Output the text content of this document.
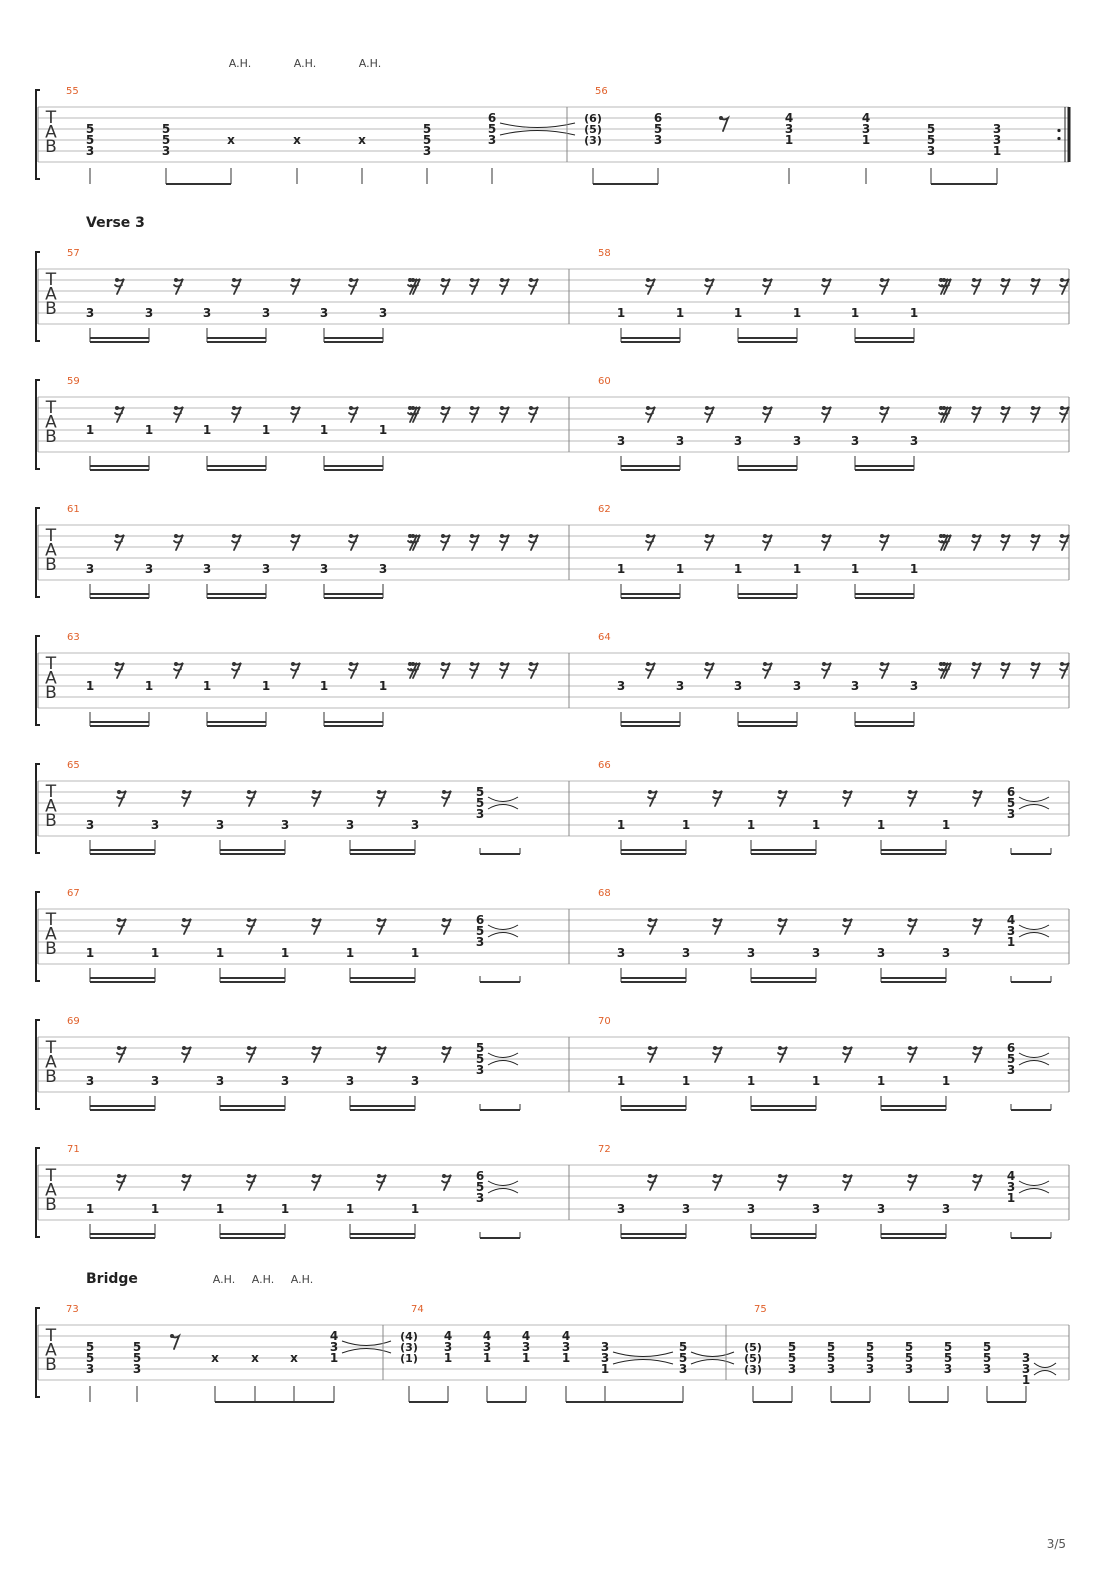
T
A
B
55
A.H.	A.H.	A.H.
5
5
3
5
5
3
x	x	x
5
5
3
6
5
3
56
(6)
(5)
(3)
6
5
3
4
3
1
4
3
1
5
5
3
3
3
1
T
A
B
57
3	3	3	3	3	3
58
1	1	1	1	1	1
T
A
B
59
1	1	1	1	1	1
60
3	3	3	3	3	3
T
A
B
61
3	3	3	3	3	3
62
1	1	1	1	1	1
T
A
B
63
1	1	1	1	1	1
64
3	3	3	3	3	3
T
A
B
65
3	3	3	3	3	3
5
5
3
66
1	1	1	1	1	1
6
5
3
T
A
B
67
1	1	1	1	1	1
6
5
3
68
3	3	3	3	3	3
4
3
1
T
A
B
69
3	3	3	3	3	3
5
5
3
70
1	1	1	1	1	1
6
5
3
T
A
B
71
1	1	1	1	1	1
6
5
3
72
3	3	3	3	3	3
4
3
1
T
A
B
73
A.H. A.H. A.H.
5
5
3
5
5
3
x	x	x
4
3
1
74
(4)
(3)
(1)
4
3
1
4
3
1
4
3
1
4
3
1
3
3
1
5
5
3
75
(5)
(5)
(3)
5
5
3
5
5
3
5
5
3
5
5
3
5
5
3
5
5
3
3
3
1
Verse 3
Bridge
3/5
